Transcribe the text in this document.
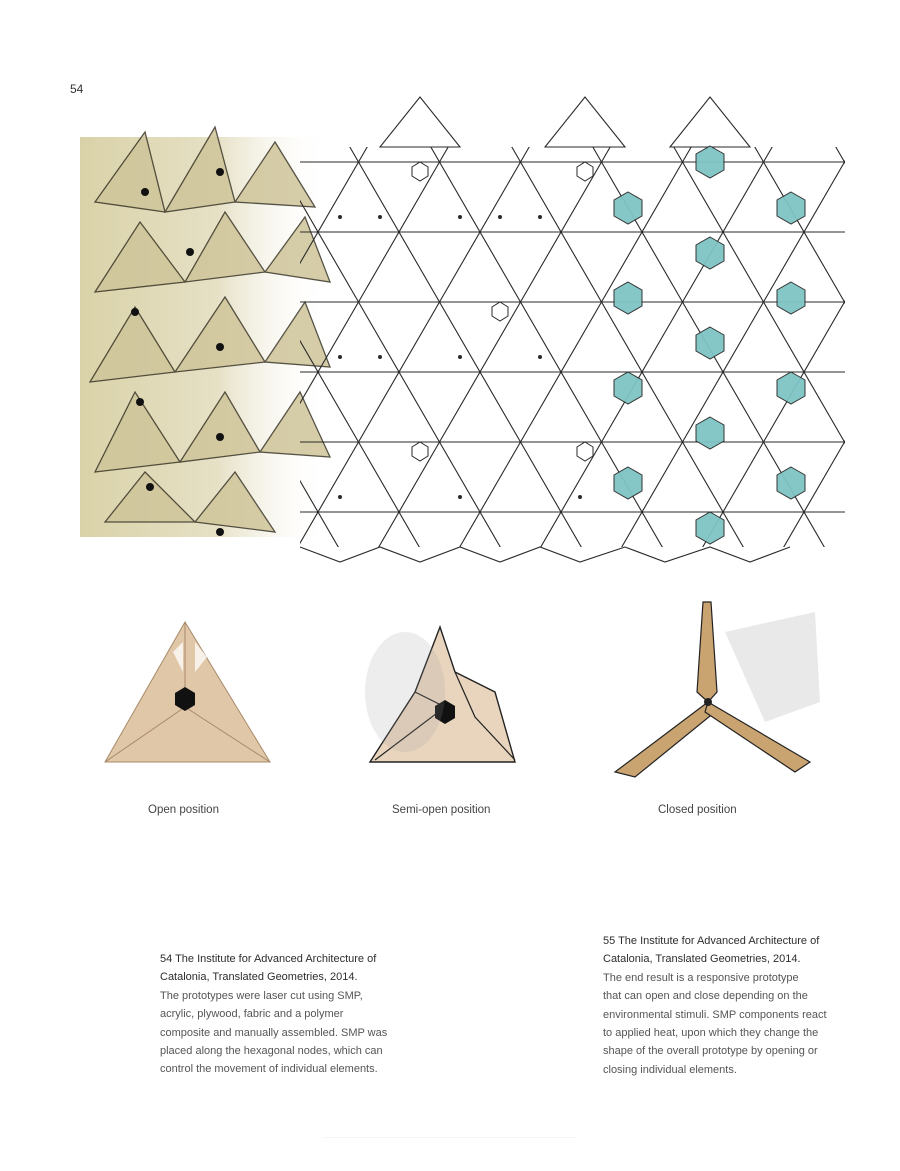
54
Open position	Semi-open position	Closed position
54 The Institute for Advanced Architecture of
Catalonia, Translated Geometries, 2014.
The prototypes were laser cut using SMP,
acrylic, plywood, fabric and a polymer
composite and manually assembled. SMP was
placed along the hexagonal nodes, which can
control the movement of individual elements.
55 The Institute for Advanced Architecture of
Catalonia, Translated Geometries, 2014.
The end result is a responsive prototype
that can open and close depending on the
environmental stimuli. SMP components react
to applied heat, upon which they change the
shape of the overall prototype by opening or
closing individual elements.
